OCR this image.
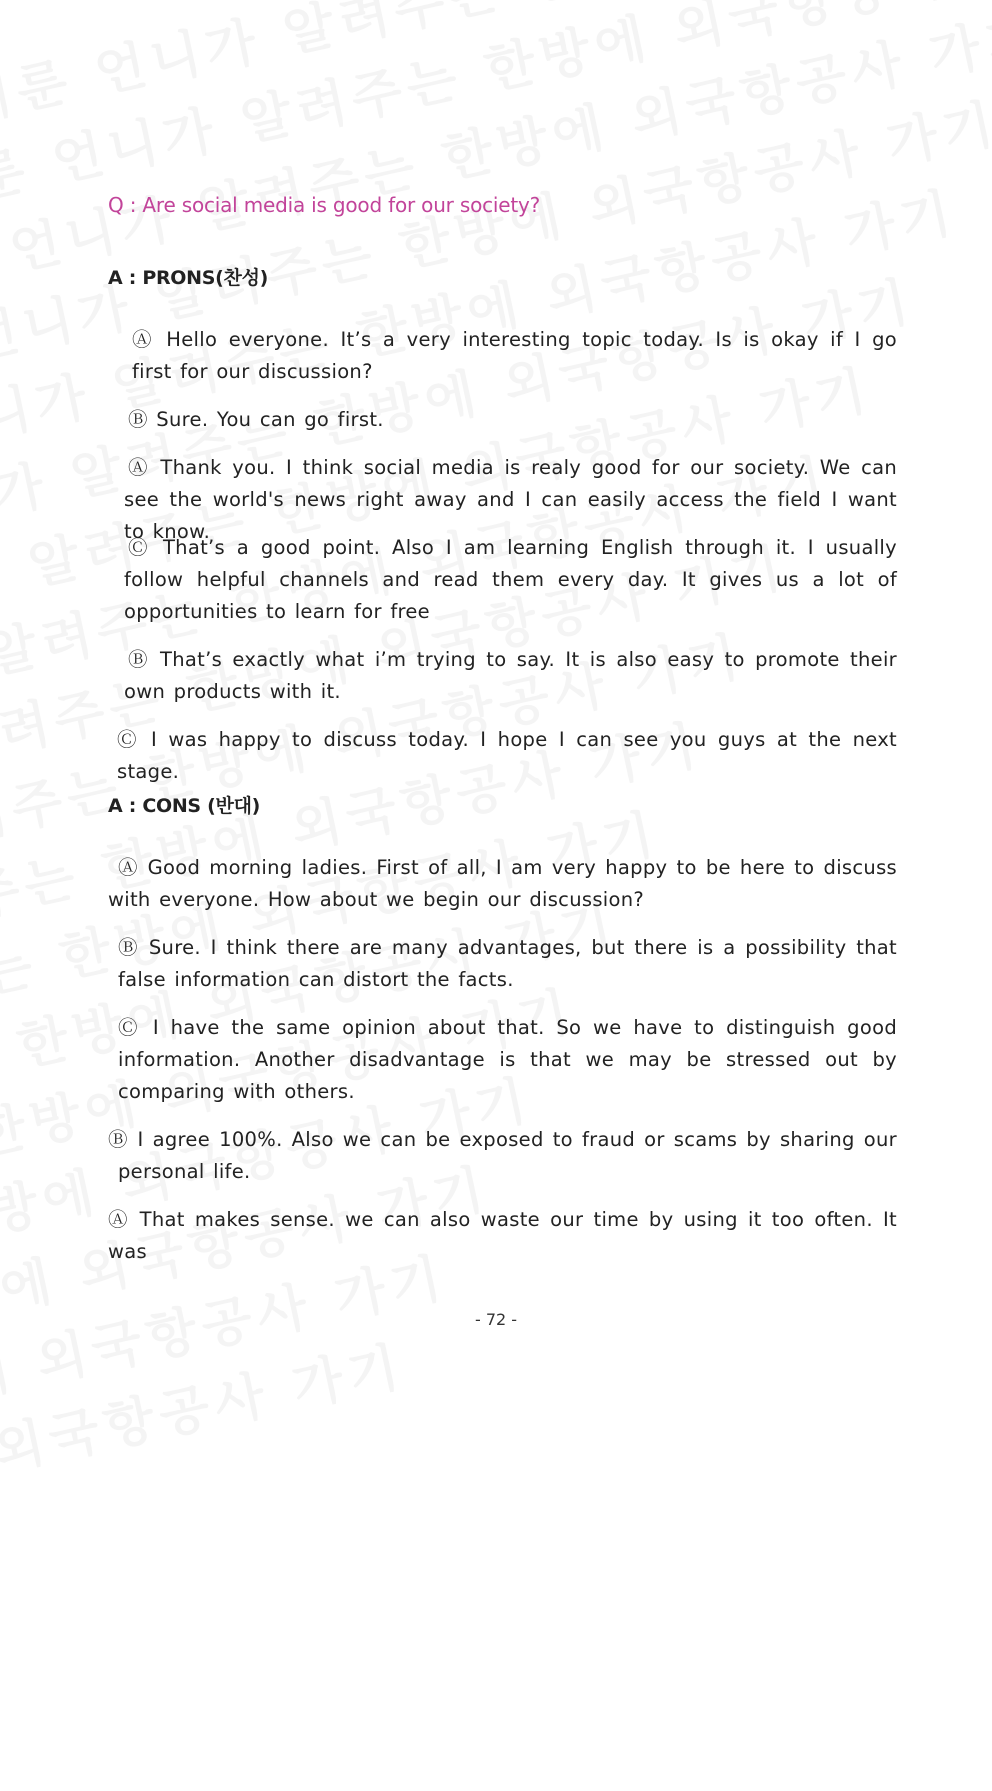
Q : Are social media is good for our society?
A : PRONS(찬성)

Ⓐ Hello everyone. It’s a very interesting topic today. Is is okay if I go first for our discussion?

Ⓑ Sure. You can go first.

Ⓐ Thank you. I think social media is realy good for our society. We can see the world's news right away and I can easily access the field I want to know.

Ⓒ That’s a good point. Also I am learning English through it. I usually follow helpful channels and read them every day. It gives us a lot of opportunities to learn for free

Ⓑ That’s exactly what i’m trying to say. It is also easy to promote their own products with it.

Ⓒ I was happy to discuss today. I hope I can see you guys at the next stage.

A : CONS (반대)

Ⓐ Good morning ladies. First of all, I am very happy to be here to discuss with everyone. How about we begin our discussion?

Ⓑ Sure. I think there are many advantages, but there is a possibility that false information can distort the facts.

Ⓒ I have the same opinion about that. So we have to distinguish good information. Another disadvantage is that we may be stressed out by comparing with others.

Ⓑ I agree 100%. Also we can be exposed to fraud or scams by sharing our personal life.

Ⓐ That makes sense. we can also waste our time by using it too often. It was

- 72 -
